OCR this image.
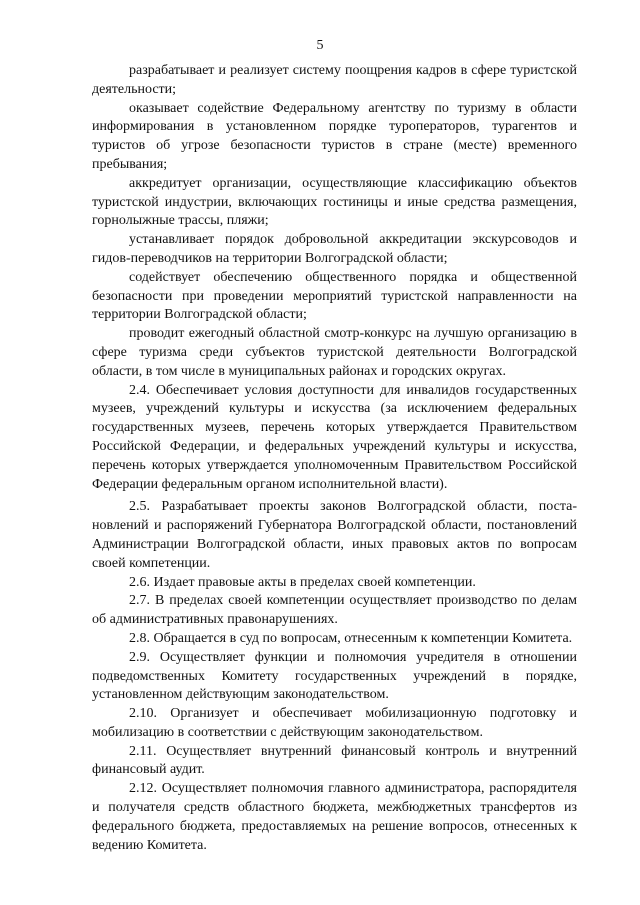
5

разрабатывает и реализует систему поощрения кадров в сфере туристской деятельности;

оказывает содействие Федеральному агентству по туризму в области информирования в установленном порядке туроператоров, турагентов и туристов об угрозе безопасности туристов в стране (месте) временного пребывания;

аккредитует организации, осуществляющие классификацию объектов туристской индустрии, включающих гостиницы и иные средства размещения, горнолыжные трассы, пляжи;

устанавливает порядок добровольной аккредитации экскурсоводов и гидов-переводчиков на территории Волгоградской области;

содействует обеспечению общественного порядка и общественной безопасности при проведении мероприятий туристской направленности на территории Волгоградской области;

проводит ежегодный областной смотр-конкурс на лучшую организацию в сфере туризма среди субъектов туристской деятельности Волгоградской области, в том числе в муниципальных районах и городских округах.

2.4. Обеспечивает условия доступности для инвалидов государственных музеев, учреждений культуры и искусства (за исключением федеральных государственных музеев, перечень которых утверждается Правительством Российской Федерации, и федеральных учреждений культуры и искусства, перечень которых утверждается уполномоченным Правительством Российской Федерации федеральным органом исполнительной власти).

2.5. Разрабатывает проекты законов Волгоградской области, постановлений и распоряжений Губернатора Волгоградской области, постановлений Администрации Волгоградской области, иных правовых актов по вопросам своей компетенции.

2.6. Издает правовые акты в пределах своей компетенции.

2.7. В пределах своей компетенции осуществляет производство по делам об административных правонарушениях.

2.8. Обращается в суд по вопросам, отнесенным к компетенции Комитета.

2.9. Осуществляет функции и полномочия учредителя в отношении подведомственных Комитету государственных учреждений в порядке, установленном действующим законодательством.

2.10. Организует и обеспечивает мобилизационную подготовку и мобилизацию в соответствии с действующим законодательством.

2.11. Осуществляет внутренний финансовый контроль и внутренний финансовый аудит.

2.12. Осуществляет полномочия главного администратора, распорядителя и получателя средств областного бюджета, межбюджетных трансфертов из федерального бюджета, предоставляемых на решение вопросов, отнесенных к ведению Комитета.
